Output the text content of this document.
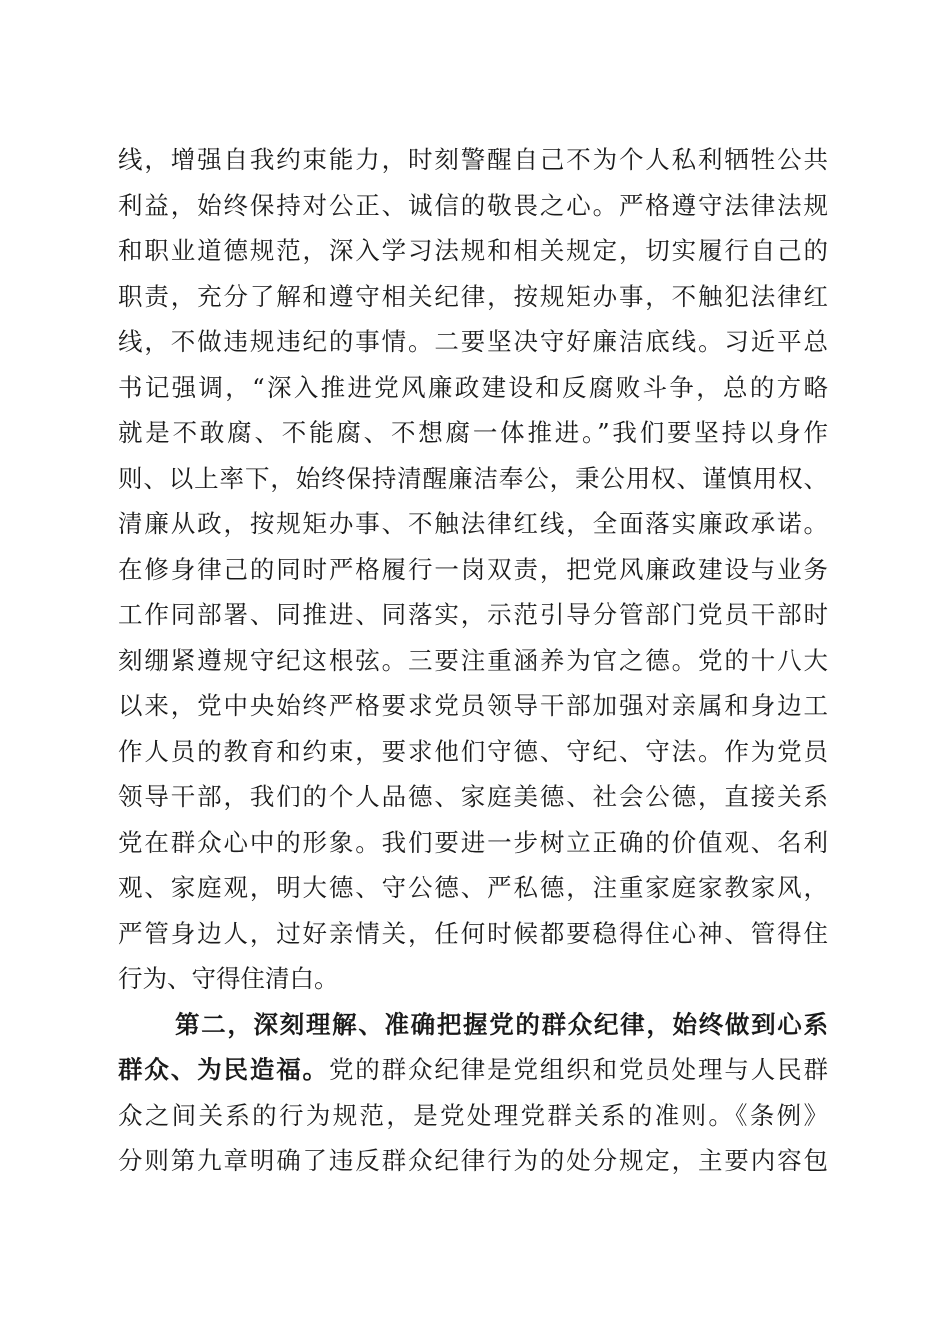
线，增强自我约束能力，时刻警醒自己不为个人私利牺牲公共
利益，始终保持对公正、诚信的敬畏之心。严格遵守法律法规
和职业道德规范，深入学习法规和相关规定，切实履行自己的
职责，充分了解和遵守相关纪律，按规矩办事，不触犯法律红
线，不做违规违纪的事情。二要坚决守好廉洁底线。习近平总
书记强调，“深入推进党风廉政建设和反腐败斗争，总的方略
就是不敢腐、不能腐、不想腐一体推进。”我们要坚持以身作
则、以上率下，始终保持清醒廉洁奉公，秉公用权、谨慎用权、
清廉从政，按规矩办事、不触法律红线，全面落实廉政承诺。
在修身律己的同时严格履行一岗双责，把党风廉政建设与业务
工作同部署、同推进、同落实，示范引导分管部门党员干部时
刻绷紧遵规守纪这根弦。三要注重涵养为官之德。党的十八大
以来，党中央始终严格要求党员领导干部加强对亲属和身边工
作人员的教育和约束，要求他们守德、守纪、守法。作为党员
领导干部，我们的个人品德、家庭美德、社会公德，直接关系
党在群众心中的形象。我们要进一步树立正确的价值观、名利
观、家庭观，明大德、守公德、严私德，注重家庭家教家风，
严管身边人，过好亲情关，任何时候都要稳得住心神、管得住
行为、守得住清白。
第二，深刻理解、准确把握党的群众纪律，始终做到心系
群众、为民造福。党的群众纪律是党组织和党员处理与人民群
众之间关系的行为规范，是党处理党群关系的准则。《条例》
分则第九章明确了违反群众纪律行为的处分规定，主要内容包
